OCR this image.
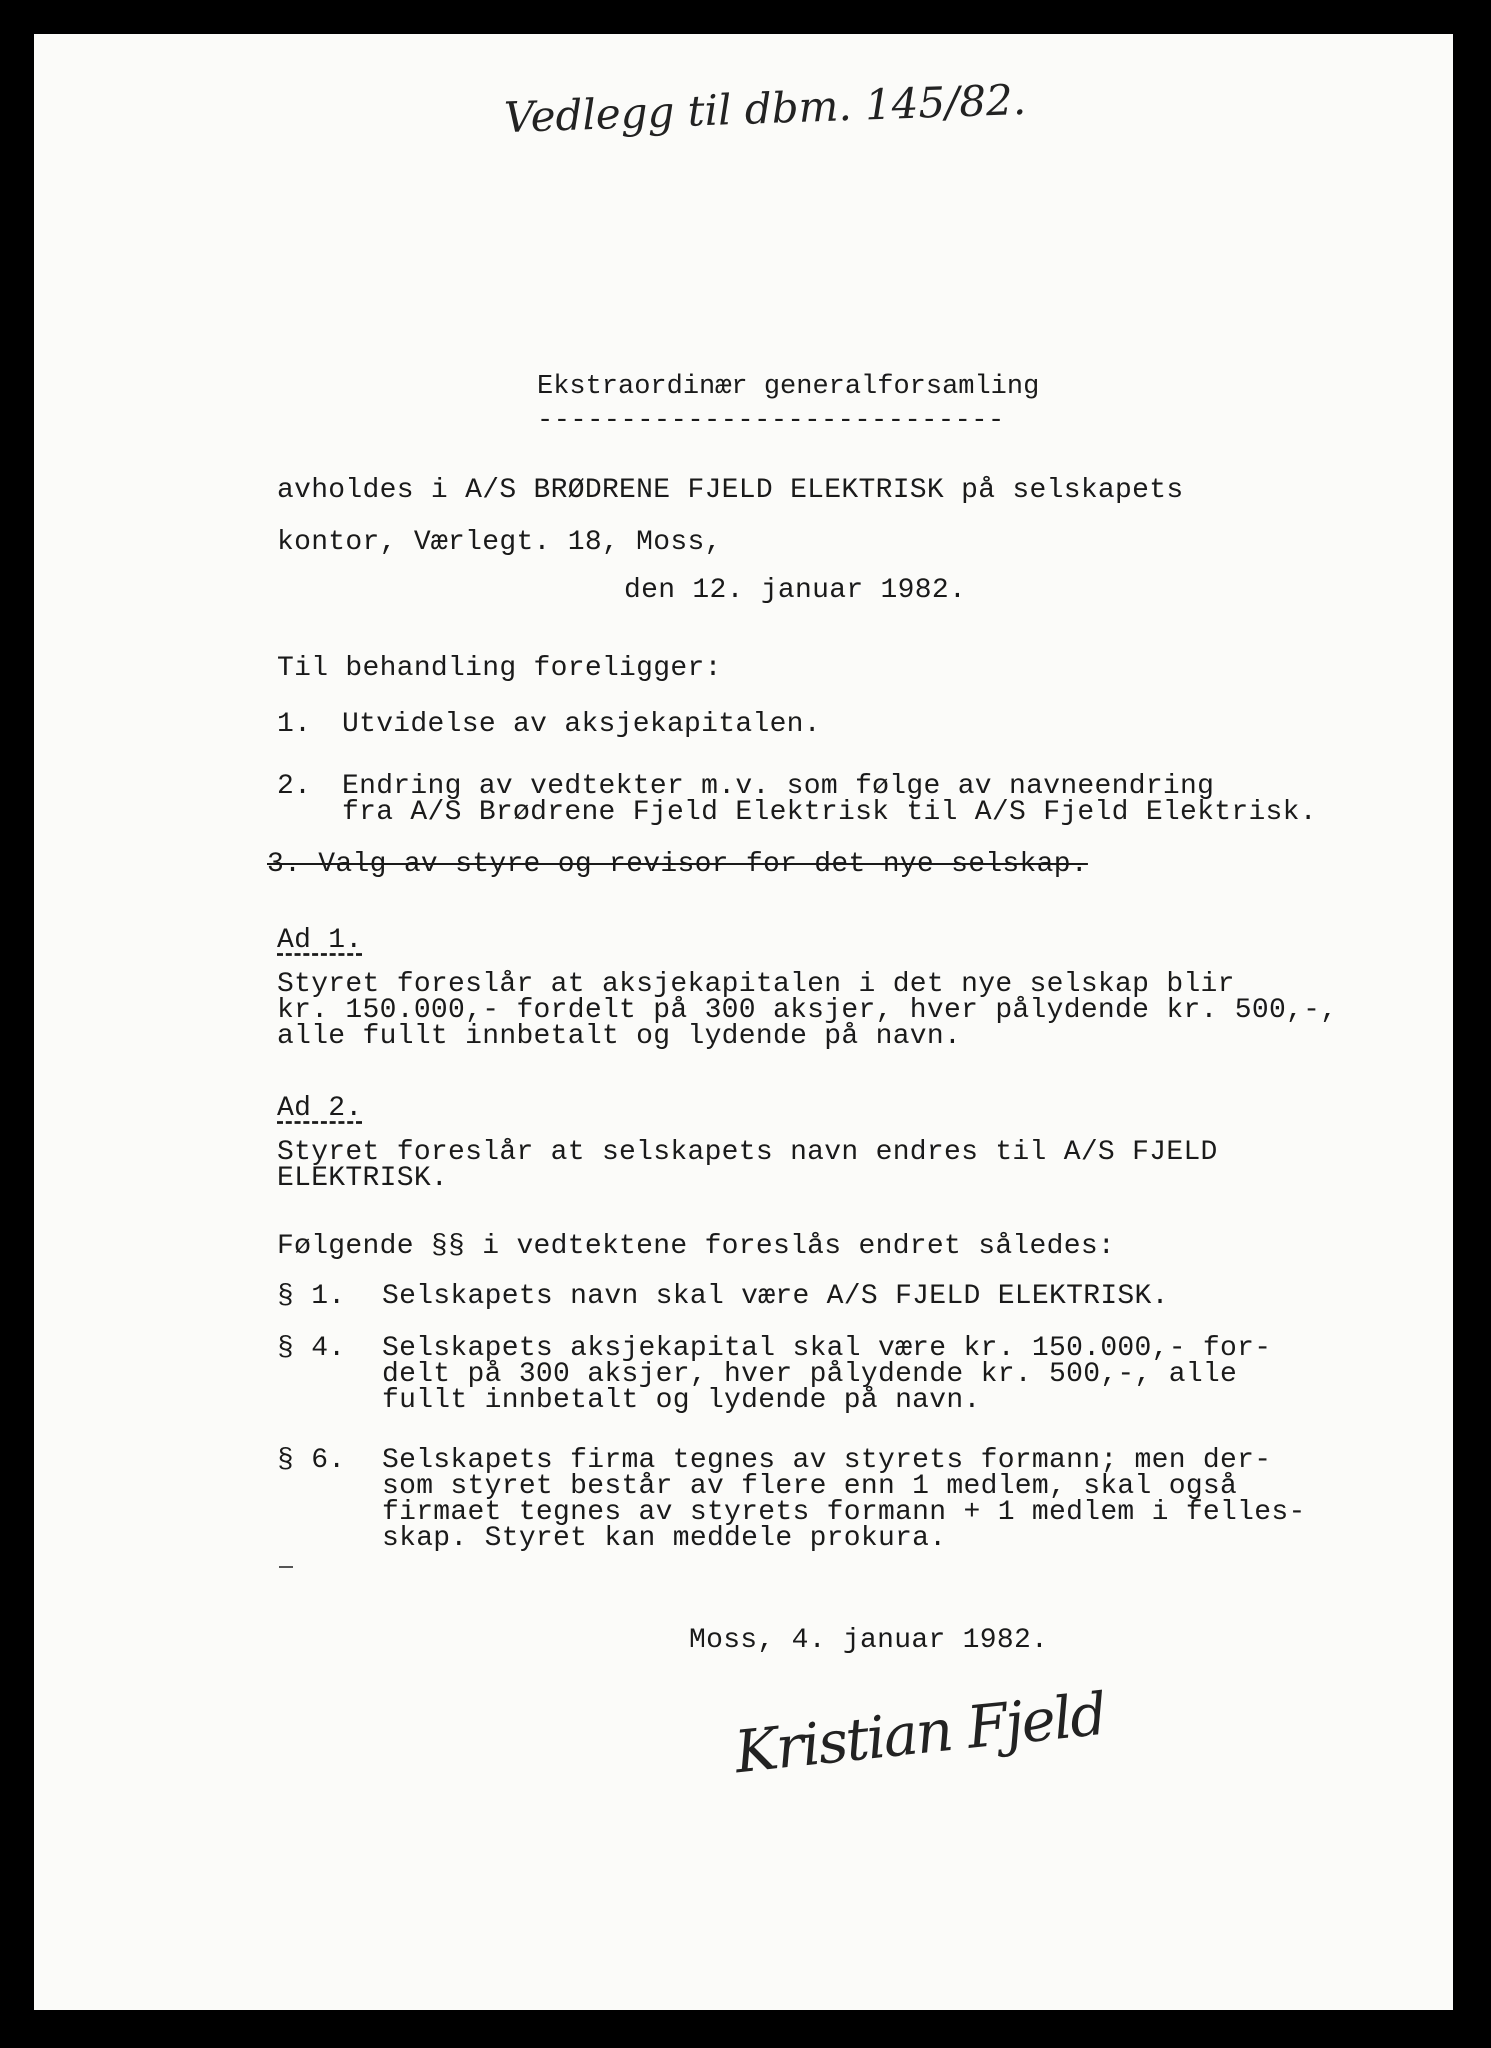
Vedlegg til dbm. 145/82.
Ekstraordinær generalforsamling
----------------------------
avholdes i A/S BRØDRENE FJELD ELEKTRISK på selskapets
kontor, Værlegt. 18, Moss,
den 12. januar 1982.
Til behandling foreligger:
1. Utvidelse av aksjekapitalen.
2. Endring av vedtekter m.v. som følge av navneendring
fra A/S Brødrene Fjeld Elektrisk til A/S Fjeld Elektrisk.
3. Valg av styre og revisor for det nye selskap.
Ad 1.
Styret foreslår at aksjekapitalen i det nye selskap blir
kr. 150.000,- fordelt på 300 aksjer, hver pålydende kr. 500,-,
alle fullt innbetalt og lydende på navn.
Ad 2.
Styret foreslår at selskapets navn endres til A/S FJELD
ELEKTRISK.
Følgende §§ i vedtektene foreslås endret således:
§ 1. Selskapets navn skal være A/S FJELD ELEKTRISK.
§ 4. Selskapets aksjekapital skal være kr. 150.000,- for-
delt på 300 aksjer, hver pålydende kr. 500,-, alle
fullt innbetalt og lydende på navn.
§ 6. Selskapets firma tegnes av styrets formann; men der-
som styret består av flere enn 1 medlem, skal også
firmaet tegnes av styrets formann + 1 medlem i felles-
skap. Styret kan meddele prokura.
Moss, 4. januar 1982.
Kristian Fjeld
